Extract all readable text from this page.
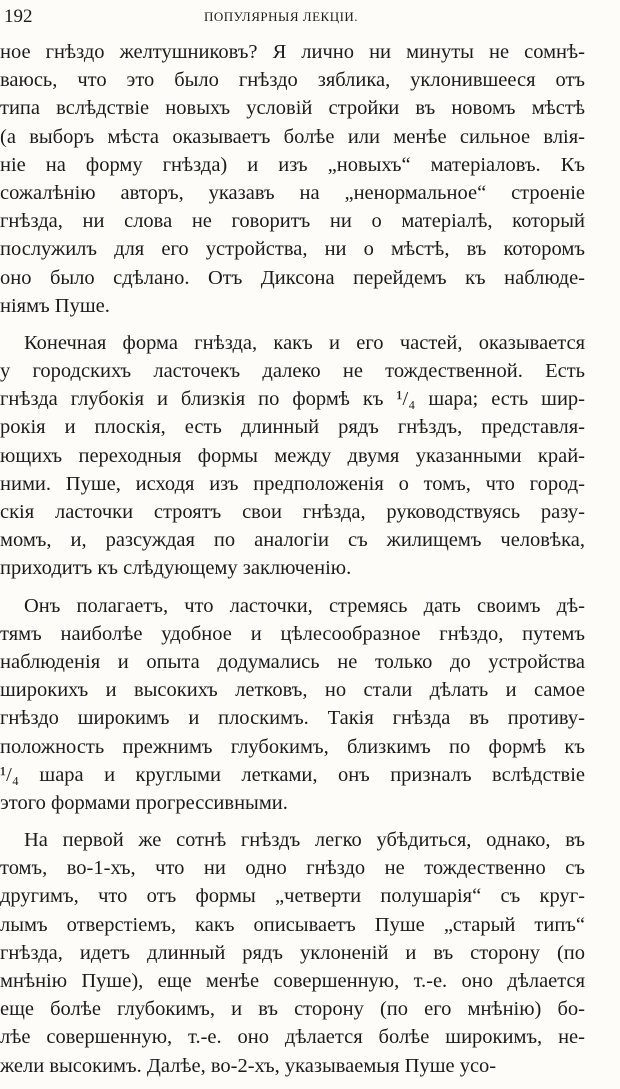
192	ПОПУЛЯРНЫЯ ЛЕКЦIИ.
ное гнѣздо желтушниковъ? Я лично ни минуты не сомнѣ-
ваюсь, что это было гнѣздо зяблика, уклонившееся отъ
типа вслѣдствіе новыхъ условій стройки въ новомъ мѣстѣ
(а выборъ мѣста оказываетъ болѣе или менѣе сильное влія-
ніе на форму гнѣзда) и изъ „новыхъ“ матеріаловъ. Къ
сожалѣнію авторъ, указавъ на „ненормальное“ строеніе
гнѣзда, ни слова не говоритъ ни о матеріалѣ, который
послужилъ для его устройства, ни о мѣстѣ, въ которомъ
оно было сдѣлано. Отъ Диксона перейдемъ къ наблюде-
ніямъ Пуше.
Конечная форма гнѣзда, какъ и его частей, оказывается
у городскихъ ласточекъ далеко не тождественной. Есть
гнѣзда глубокія и близкія по формѣ къ ¹/₄ шара; есть шир-
рокія и плоскія, есть длинный рядъ гнѣздъ, представля-
ющихъ переходныя формы между двумя указанными край-
ними. Пуше, исходя изъ предположенія о томъ, что город-
скія ласточки строятъ свои гнѣзда, руководствуясь разу-
момъ, и, разсуждая по аналогіи съ жилищемъ человѣка,
приходитъ къ слѣдующему заключенію.
Онъ полагаетъ, что ласточки, стремясь дать своимъ дѣ-
тямъ наиболѣе удобное и цѣлесообразное гнѣздо, путемъ
наблюденія и опыта додумались не только до устройства
широкихъ и высокихъ летковъ, но стали дѣлать и самое
гнѣздо широкимъ и плоскимъ. Такія гнѣзда въ противу-
положность прежнимъ глубокимъ, близкимъ по формѣ къ
¹/₄ шара и круглыми летками, онъ призналъ вслѣдствіе
этого формами прогрессивными.
На первой же сотнѣ гнѣздъ легко убѣдиться, однако, въ
томъ, во-1-хъ, что ни одно гнѣздо не тождественно съ
другимъ, что отъ формы „четверти полушарія“ съ круг-
лымъ отверстіемъ, какъ описываетъ Пуше „старый типъ“
гнѣзда, идетъ длинный рядъ уклоненій и въ сторону (по
мнѣнію Пуше), еще менѣе совершенную, т.-е. оно дѣлается
еще болѣе глубокимъ, и въ сторону (по его мнѣнію) бо-
лѣе совершенную, т.-е. оно дѣлается болѣе широкимъ, не-
жели высокимъ. Далѣе, во-2-хъ, указываемыя Пуше усо-
